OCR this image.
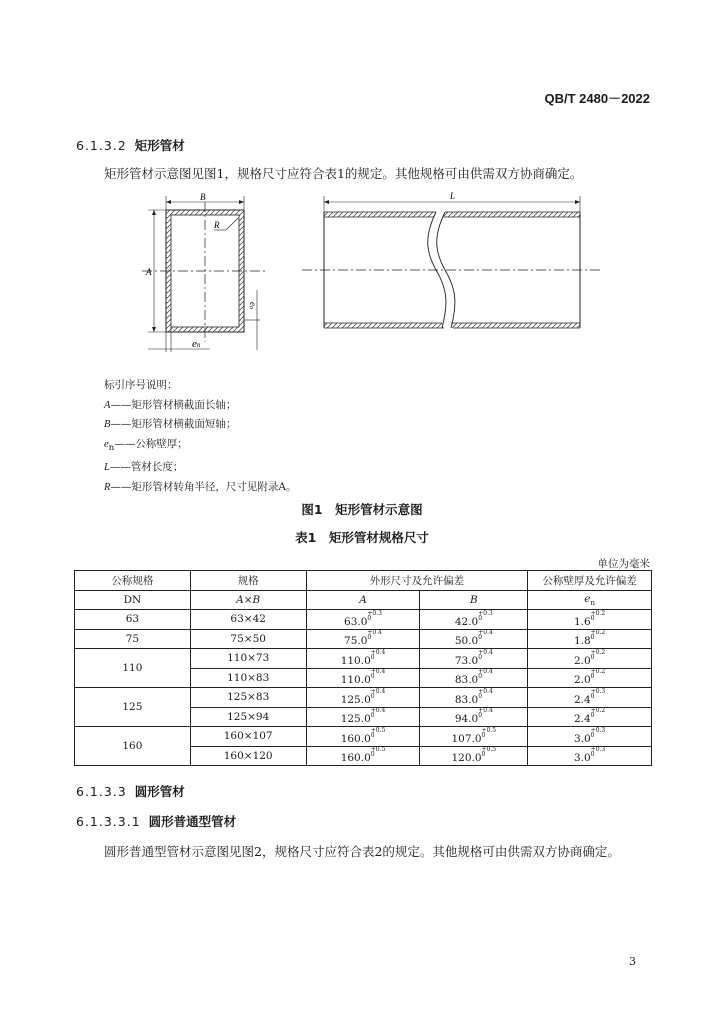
QB/T 2480－2022
6.1.3.2 矩形管材
矩形管材示意图见图1，规格尺寸应符合表1的规定。其他规格可由供需双方协商确定。
B
A
R
en
en
L
标引序号说明：
A——矩形管材横截面长轴；
B——矩形管材横截面短轴；
$e_n——$公称壁厚；
L——管材长度；
R——矩形管材转角半径，尺寸见附录A。
图1　矩形管材示意图
表1　矩形管材规格尺寸
单位为毫米
公称规格	规格	外形尺寸及允许偏差		公称壁厚及允许偏差
DN	A×B	A	B	$e_n$
63	63×42	$63.0^{+0.3 0}$	$42.0^{+0.3 0}$	$1.6^{+0.2 0}$
75	75×50	$75.0^{+0.4 0}$	$50.0^{+0.4 0}$	$1.8^{+0.2 0}$
110	110×73	$110.0^{+0.4 0}$	$73.0^{+0.4 0}$	$2.0^{+0.2 0}$
	110×83	$110.0^{+0.4 0}$	$83.0^{+0.4 0}$	$2.0^{+0.2 0}$
125	125×83	$125.0^{+0.4 0}$	$83.0^{+0.4 0}$	$2.4^{+0.3 0}$
	125×94	$125.0^{+0.4 0}$	$94.0^{+0.4 0}$	$2.4^{+0.2 0}$
160	160×107	$160.0^{+0.5 0}$	$107.0^{+0.5 0}$	$3.0^{+0.3 0}$
	160×120	$160.0^{+0.5 0}$	$120.0^{+0.5 0}$	$3.0^{+0.3 0}$
6.1.3.3 圆形管材
6.1.3.3.1 圆形普通型管材
圆形普通型管材示意图见图2，规格尺寸应符合表2的规定。其他规格可由供需双方协商确定。
3
